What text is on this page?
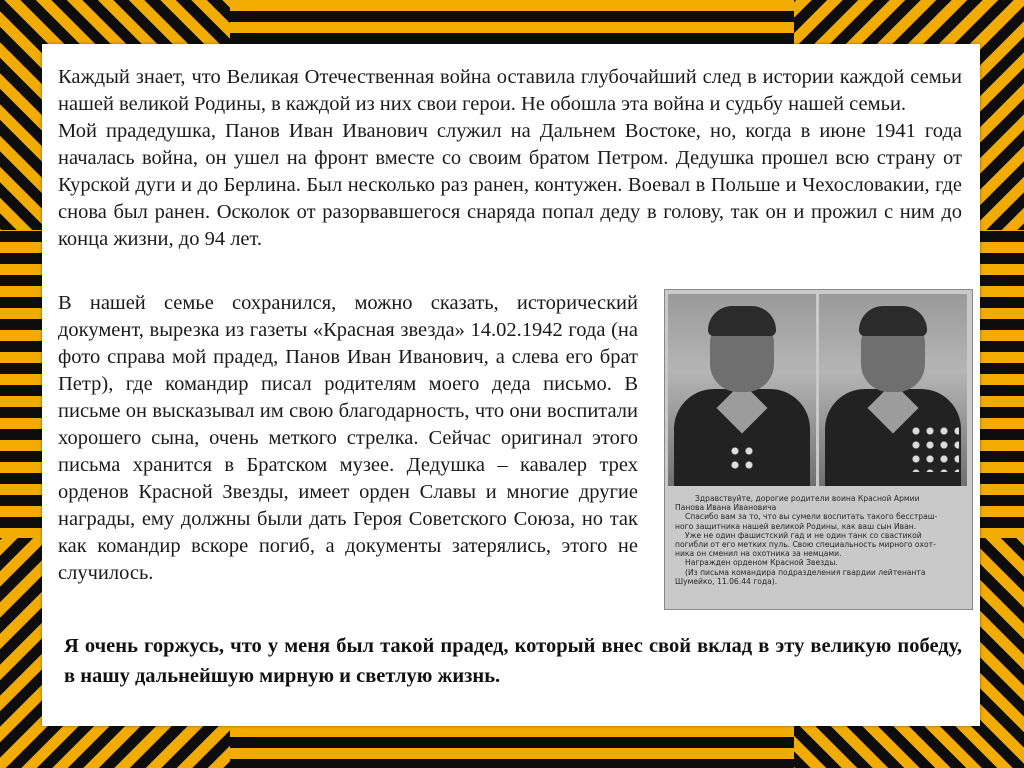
Каждый знает, что Великая Отечественная война оставила глубочайший след в истории каждой семьи нашей великой Родины, в каждой из них свои герои. Не обошла эта война и судьбу нашей семьи.

Мой прадедушка, Панов Иван Иванович служил на Дальнем Востоке, но, когда в июне 1941 года началась война, он ушел на фронт вместе со своим братом Петром. Дедушка прошел всю страну от Курской дуги и до Берлина. Был несколько раз ранен, контужен. Воевал в Польше и Чехословакии, где снова был ранен. Осколок от разорвавшегося снаряда попал деду в голову, так он и прожил с ним до конца жизни, до 94 лет.

В нашей семье сохранился, можно сказать, исторический документ, вырезка из газеты «Красная звезда» 14.02.1942 года (на фото справа мой прадед, Панов Иван Иванович, а слева его брат Петр), где командир писал родителям моего деда письмо. В письме он высказывал им свою благодарность, что они воспитали хорошего сына, очень меткого стрелка. Сейчас оригинал этого письма хранится в Братском музее. Дедушка – кавалер трех орденов Красной Звезды, имеет орден Славы и многие другие награды, ему должны были дать Героя Советского Союза, но так как командир вскоре погиб, а документы затерялись, этого не случилось.

Здравствуйте, дорогие родители воина Красной Армии
Панова Ивана Ивановича
Спасибо вам за то, что вы сумели воспитать такого бесстраш-
ного защитника нашей великой Родины, как ваш сын Иван.
Уже не один фашистский гад и не один танк со свастикой
погибли от его метких пуль. Свою специальность мирного охот-
ника он сменил на охотника за немцами.
Награжден орденом Красной Звезды.
(Из письма командира подразделения гвардии лейтенанта
Шумейко, 11.06.44 года).

Я очень горжусь, что у меня был такой прадед, который внес свой вклад в эту великую победу, в нашу дальнейшую мирную и светлую жизнь.
